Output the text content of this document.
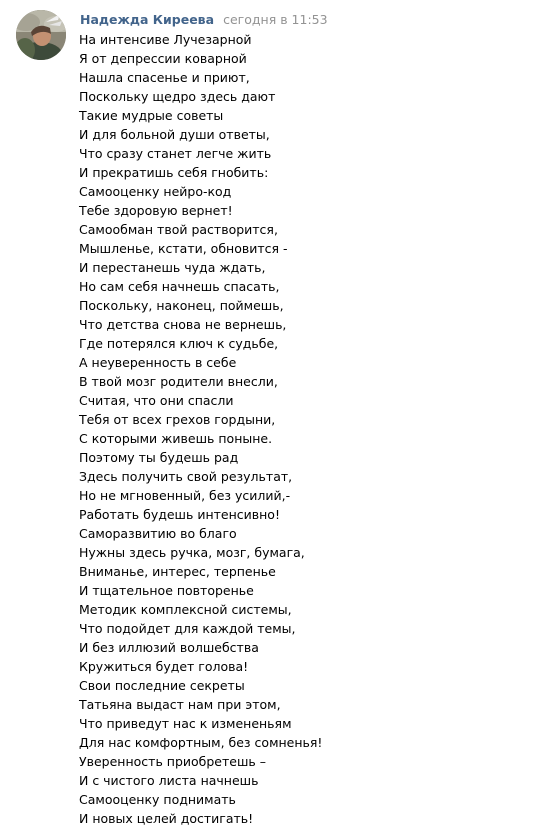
Надежда Киреева сегодня в 11:53
На интенсиве Лучезарной
Я от депрессии коварной
Нашла спасенье и приют,
Поскольку щедро здесь дают
Такие мудрые советы
И для больной души ответы,
Что сразу станет легче жить
И прекратишь себя гнобить:
Самооценку нейро-код
Тебе здоровую вернет!
Самообман твой растворится,
Мышленье, кстати, обновится -
И перестанешь чуда ждать,
Но сам себя начнешь спасать,
Поскольку, наконец, поймешь,
Что детства снова не вернешь,
Где потерялся ключ к судьбе,
А неуверенность в себе
В твой мозг родители внесли,
Считая, что они спасли
Тебя от всех грехов гордыни,
С которыми живешь поныне.
Поэтому ты будешь рад
Здесь получить свой результат,
Но не мгновенный, без усилий,-
Работать будешь интенсивно!
Саморазвитию во благо
Нужны здесь ручка, мозг, бумага,
Вниманье, интерес, терпенье
И тщательное повторенье
Методик комплексной системы,
Что подойдет для каждой темы,
И без иллюзий волшебства
Кружиться будет голова!
Свои последние секреты
Татьяна выдаст нам при этом,
Что приведут нас к измененьям
Для нас комфортным, без сомненья!
Уверенность приобретешь –
И с чистого листа начнешь
Самооценку поднимать
И новых целей достигать!
